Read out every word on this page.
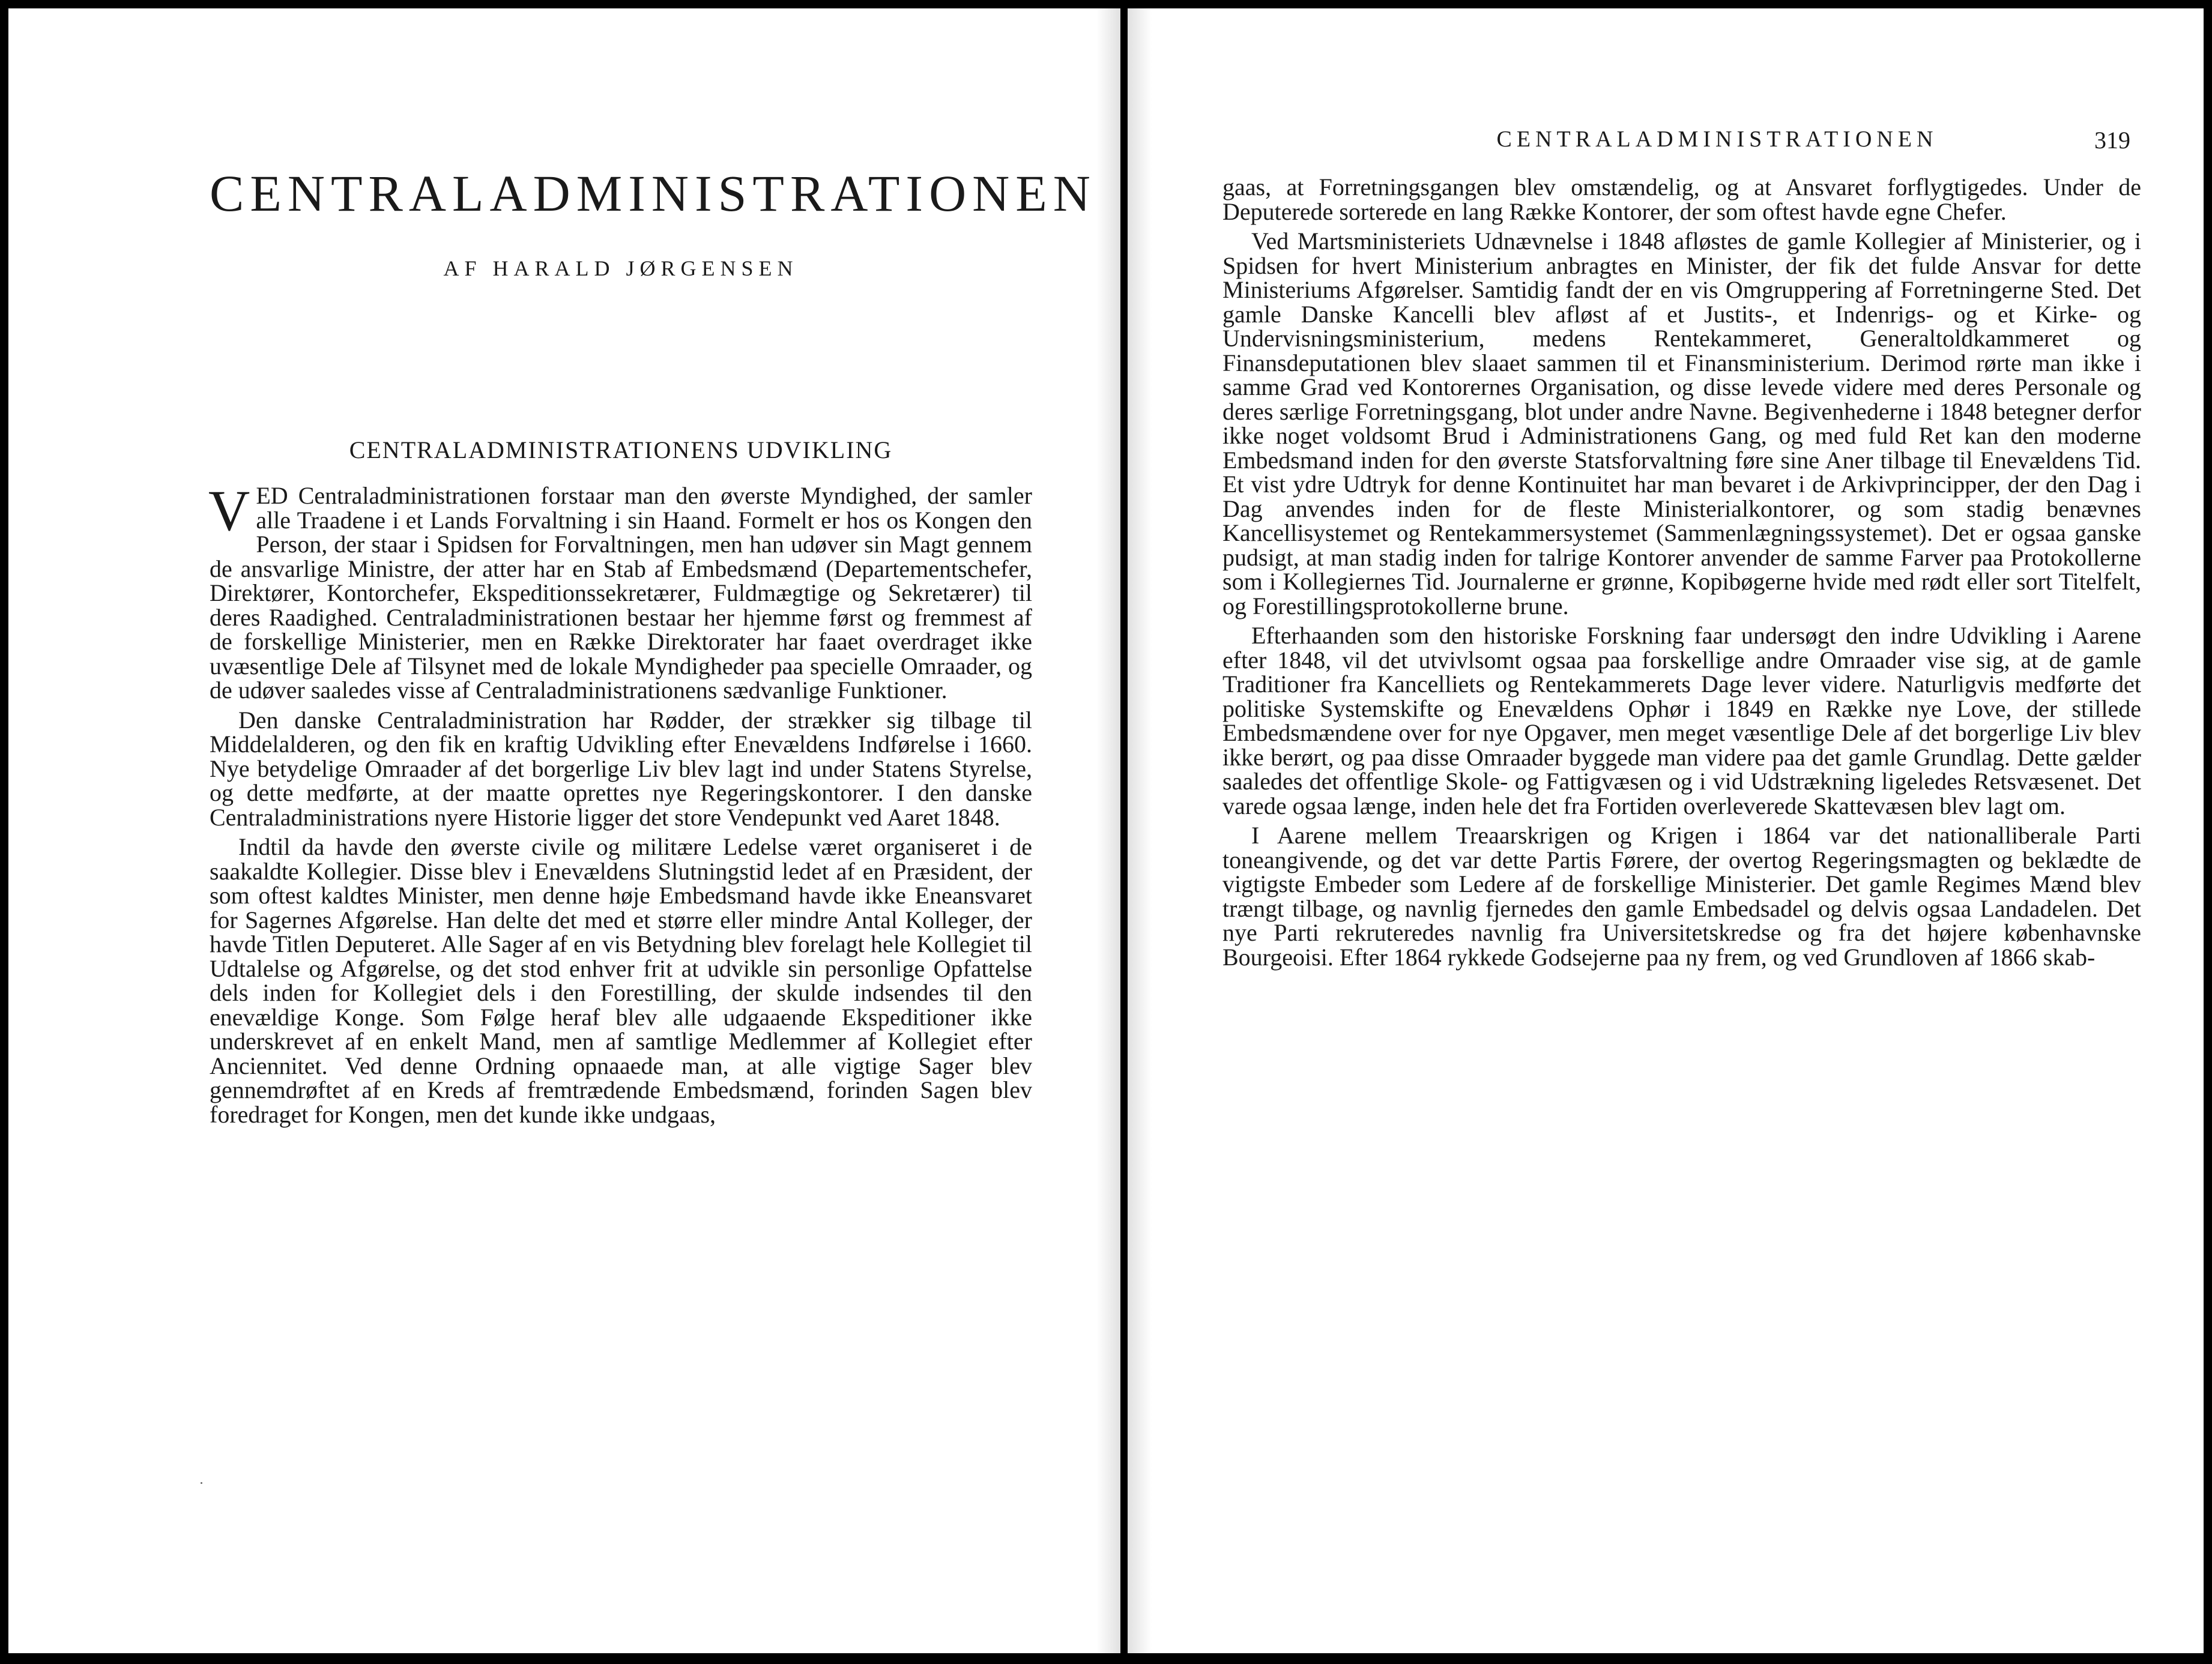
CENTRALADMINISTRATIONEN
AF HARALD JØRGENSEN
CENTRALADMINISTRATIONENS UDVIKLING

VED Centraladministrationen forstaar man den øverste Myndighed, der samler alle Traadene i et Lands Forvaltning i sin Haand. Formelt er hos os Kongen den Person, der staar i Spidsen for Forvaltningen, men han udøver sin Magt gennem de ansvarlige Ministre, der atter har en Stab af Embedsmænd (Departementschefer, Direktører, Kontorchefer, Ekspeditionssekretærer, Fuldmægtige og Sekretærer) til deres Raadighed. Centraladministrationen bestaar her hjemme først og fremmest af de forskellige Ministerier, men en Række Direktorater har faaet overdraget ikke uvæsentlige Dele af Tilsynet med de lokale Myndigheder paa specielle Omraader, og de udøver saaledes visse af Centraladministrationens sædvanlige Funktioner.

Den danske Centraladministration har Rødder, der strækker sig tilbage til Middelalderen, og den fik en kraftig Udvikling efter Enevældens Indførelse i 1660. Nye betydelige Omraader af det borgerlige Liv blev lagt ind under Statens Styrelse, og dette medførte, at der maatte oprettes nye Regeringskontorer. I den danske Centraladministrations nyere Historie ligger det store Vendepunkt ved Aaret 1848.

Indtil da havde den øverste civile og militære Ledelse været organiseret i de saakaldte Kollegier. Disse blev i Enevældens Slutningstid ledet af en Præsident, der som oftest kaldtes Minister, men denne høje Embedsmand havde ikke Eneansvaret for Sagernes Afgørelse. Han delte det med et større eller mindre Antal Kolleger, der havde Titlen Deputeret. Alle Sager af en vis Betydning blev forelagt hele Kollegiet til Udtalelse og Afgørelse, og det stod enhver frit at udvikle sin personlige Opfattelse dels inden for Kollegiet dels i den Forestilling, der skulde indsendes til den enevældige Konge. Som Følge heraf blev alle udgaaende Ekspeditioner ikke underskrevet af en enkelt Mand, men af samtlige Medlemmer af Kollegiet efter Anciennitet. Ved denne Ordning opnaaede man, at alle vigtige Sager blev gennemdrøftet af en Kreds af fremtrædende Embedsmænd, forinden Sagen blev foredraget for Kongen, men det kunde ikke undgaas,

CENTRALADMINISTRATIONEN	319

gaas, at Forretningsgangen blev omstændelig, og at Ansvaret forflygtigedes. Under de Deputerede sorterede en lang Række Kontorer, der som oftest havde egne Chefer.

Ved Martsministeriets Udnævnelse i 1848 afløstes de gamle Kollegier af Ministerier, og i Spidsen for hvert Ministerium anbragtes en Minister, der fik det fulde Ansvar for dette Ministeriums Afgørelser. Samtidig fandt der en vis Omgruppering af Forretningerne Sted. Det gamle Danske Kancelli blev afløst af et Justits-, et Indenrigs- og et Kirke- og Undervisningsministerium, medens Rentekammeret, Generaltoldkammeret og Finansdeputationen blev slaaet sammen til et Finansministerium. Derimod rørte man ikke i samme Grad ved Kontorernes Organisation, og disse levede videre med deres Personale og deres særlige Forretningsgang, blot under andre Navne. Begivenhederne i 1848 betegner derfor ikke noget voldsomt Brud i Administrationens Gang, og med fuld Ret kan den moderne Embedsmand inden for den øverste Statsforvaltning føre sine Aner tilbage til Enevældens Tid. Et vist ydre Udtryk for denne Kontinuitet har man bevaret i de Arkivprincipper, der den Dag i Dag anvendes inden for de fleste Ministerialkontorer, og som stadig benævnes Kancellisystemet og Rentekammersystemet (Sammenlægningssystemet). Det er ogsaa ganske pudsigt, at man stadig inden for talrige Kontorer anvender de samme Farver paa Protokollerne som i Kollegiernes Tid. Journalerne er grønne, Kopibøgerne hvide med rødt eller sort Titelfelt, og Forestillingsprotokollerne brune.

Efterhaanden som den historiske Forskning faar undersøgt den indre Udvikling i Aarene efter 1848, vil det utvivlsomt ogsaa paa forskellige andre Omraader vise sig, at de gamle Traditioner fra Kancelliets og Rentekammerets Dage lever videre. Naturligvis medførte det politiske Systemskifte og Enevældens Ophør i 1849 en Række nye Love, der stillede Embedsmændene over for nye Opgaver, men meget væsentlige Dele af det borgerlige Liv blev ikke berørt, og paa disse Omraader byggede man videre paa det gamle Grundlag. Dette gælder saaledes det offentlige Skole- og Fattigvæsen og i vid Udstrækning ligeledes Retsvæsenet. Det varede ogsaa længe, inden hele det fra Fortiden overleverede Skattevæsen blev lagt om.

I Aarene mellem Treaarskrigen og Krigen i 1864 var det nationalliberale Parti toneangivende, og det var dette Partis Førere, der overtog Regeringsmagten og beklædte de vigtigste Embeder som Ledere af de forskellige Ministerier. Det gamle Regimes Mænd blev trængt tilbage, og navnlig fjernedes den gamle Embedsadel og delvis ogsaa Landadelen. Det nye Parti rekruteredes navnlig fra Universitetskredse og fra det højere københavnske Bourgeoisi. Efter 1864 rykkede Godsejerne paa ny frem, og ved Grundloven af 1866 skab-
